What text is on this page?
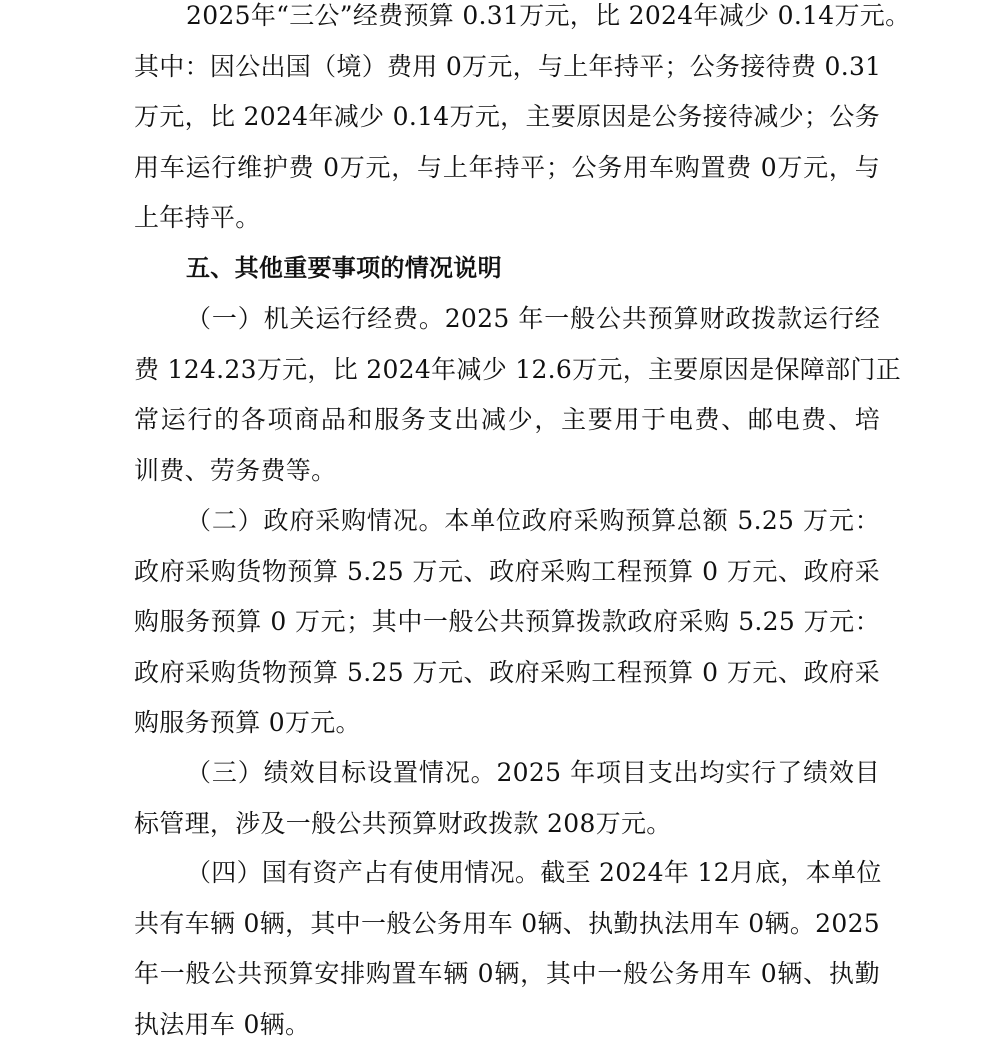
2025年“三公”经费预算 0.31万元，比 2024年减少 0.14万元。
其中：因公出国（境）费用 0万元，与上年持平；公务接待费 0.31
万元，比 2024年减少 0.14万元，主要原因是公务接待减少；公务
用车运行维护费 0万元，与上年持平；公务用车购置费 0万元，与
上年持平。
五、其他重要事项的情况说明
（一）机关运行经费。2025 年一般公共预算财政拨款运行经
费 124.23万元，比 2024年减少 12.6万元，主要原因是保障部门正
常运行的各项商品和服务支出减少，主要用于电费、邮电费、培
训费、劳务费等。
（二）政府采购情况。本单位政府采购预算总额 5.25 万元：
政府采购货物预算 5.25 万元、政府采购工程预算 0 万元、政府采
购服务预算 0 万元；其中一般公共预算拨款政府采购 5.25 万元：
政府采购货物预算 5.25 万元、政府采购工程预算 0 万元、政府采
购服务预算 0万元。
（三）绩效目标设置情况。2025 年项目支出均实行了绩效目
标管理，涉及一般公共预算财政拨款 208万元。
（四）国有资产占有使用情况。截至 2024年 12月底，本单位
共有车辆 0辆，其中一般公务用车 0辆、执勤执法用车 0辆。2025
年一般公共预算安排购置车辆 0辆，其中一般公务用车 0辆、执勤
执法用车 0辆。
